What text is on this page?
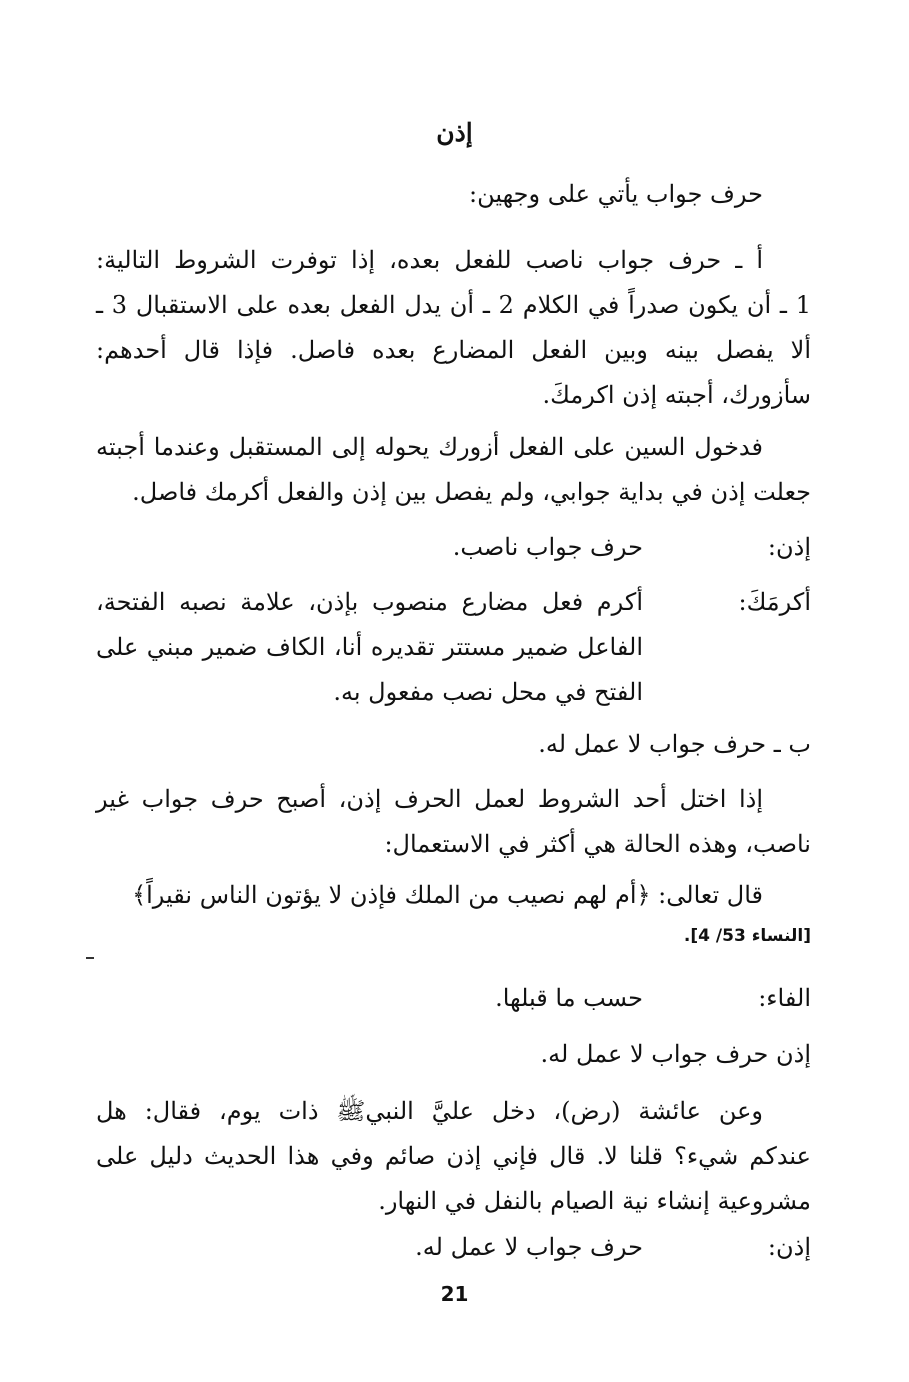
إذن

حرف جواب يأتي على وجهين:

أ ـ حرف جواب ناصب للفعل بعده، إذا توفرت الشروط التالية:
1 ـ أن يكون صدراً في الكلام 2 ـ أن يدل الفعل بعده على الاستقبال 3 ـ
ألا يفصل بينه وبين الفعل المضارع بعده فاصل. فإذا قال أحدهم:
سأزورك، أجبته إذن اكرمكَ.

فدخول السين على الفعل أزورك يحوله إلى المستقبل وعندما أجبته
جعلت إذن في بداية جوابي، ولم يفصل بين إذن والفعل أكرمك فاصل.

إذن:
حرف جواب ناصب.
أكرمَكَ:
أكرم فعل مضارع منصوب بإذن، علامة نصبه الفتحة،
الفاعل ضمير مستتر تقديره أنا، الكاف ضمير مبني على
الفتح في محل نصب مفعول به.

ب ـ حرف جواب لا عمل له.

إذا اختل أحد الشروط لعمل الحرف إذن، أصبح حرف جواب غير
ناصب، وهذه الحالة هي أكثر في الاستعمال:

قال تعالى: ﴿أم لهم نصيب من الملك فإذن لا يؤتون الناس نقيراً﴾

[النساء 53/ 4].
الفاء:
حسب ما قبلها.

إذن حرف جواب لا عمل له.

وعن عائشة (رض)، دخل عليَّ النبيﷺ ذات يوم، فقال: هل
عندكم شيء؟ قلنا لا. قال فإني إذن صائم وفي هذا الحديث دليل على
مشروعية إنشاء نية الصيام بالنفل في النهار.

إذن:
حرف جواب لا عمل له.
21
